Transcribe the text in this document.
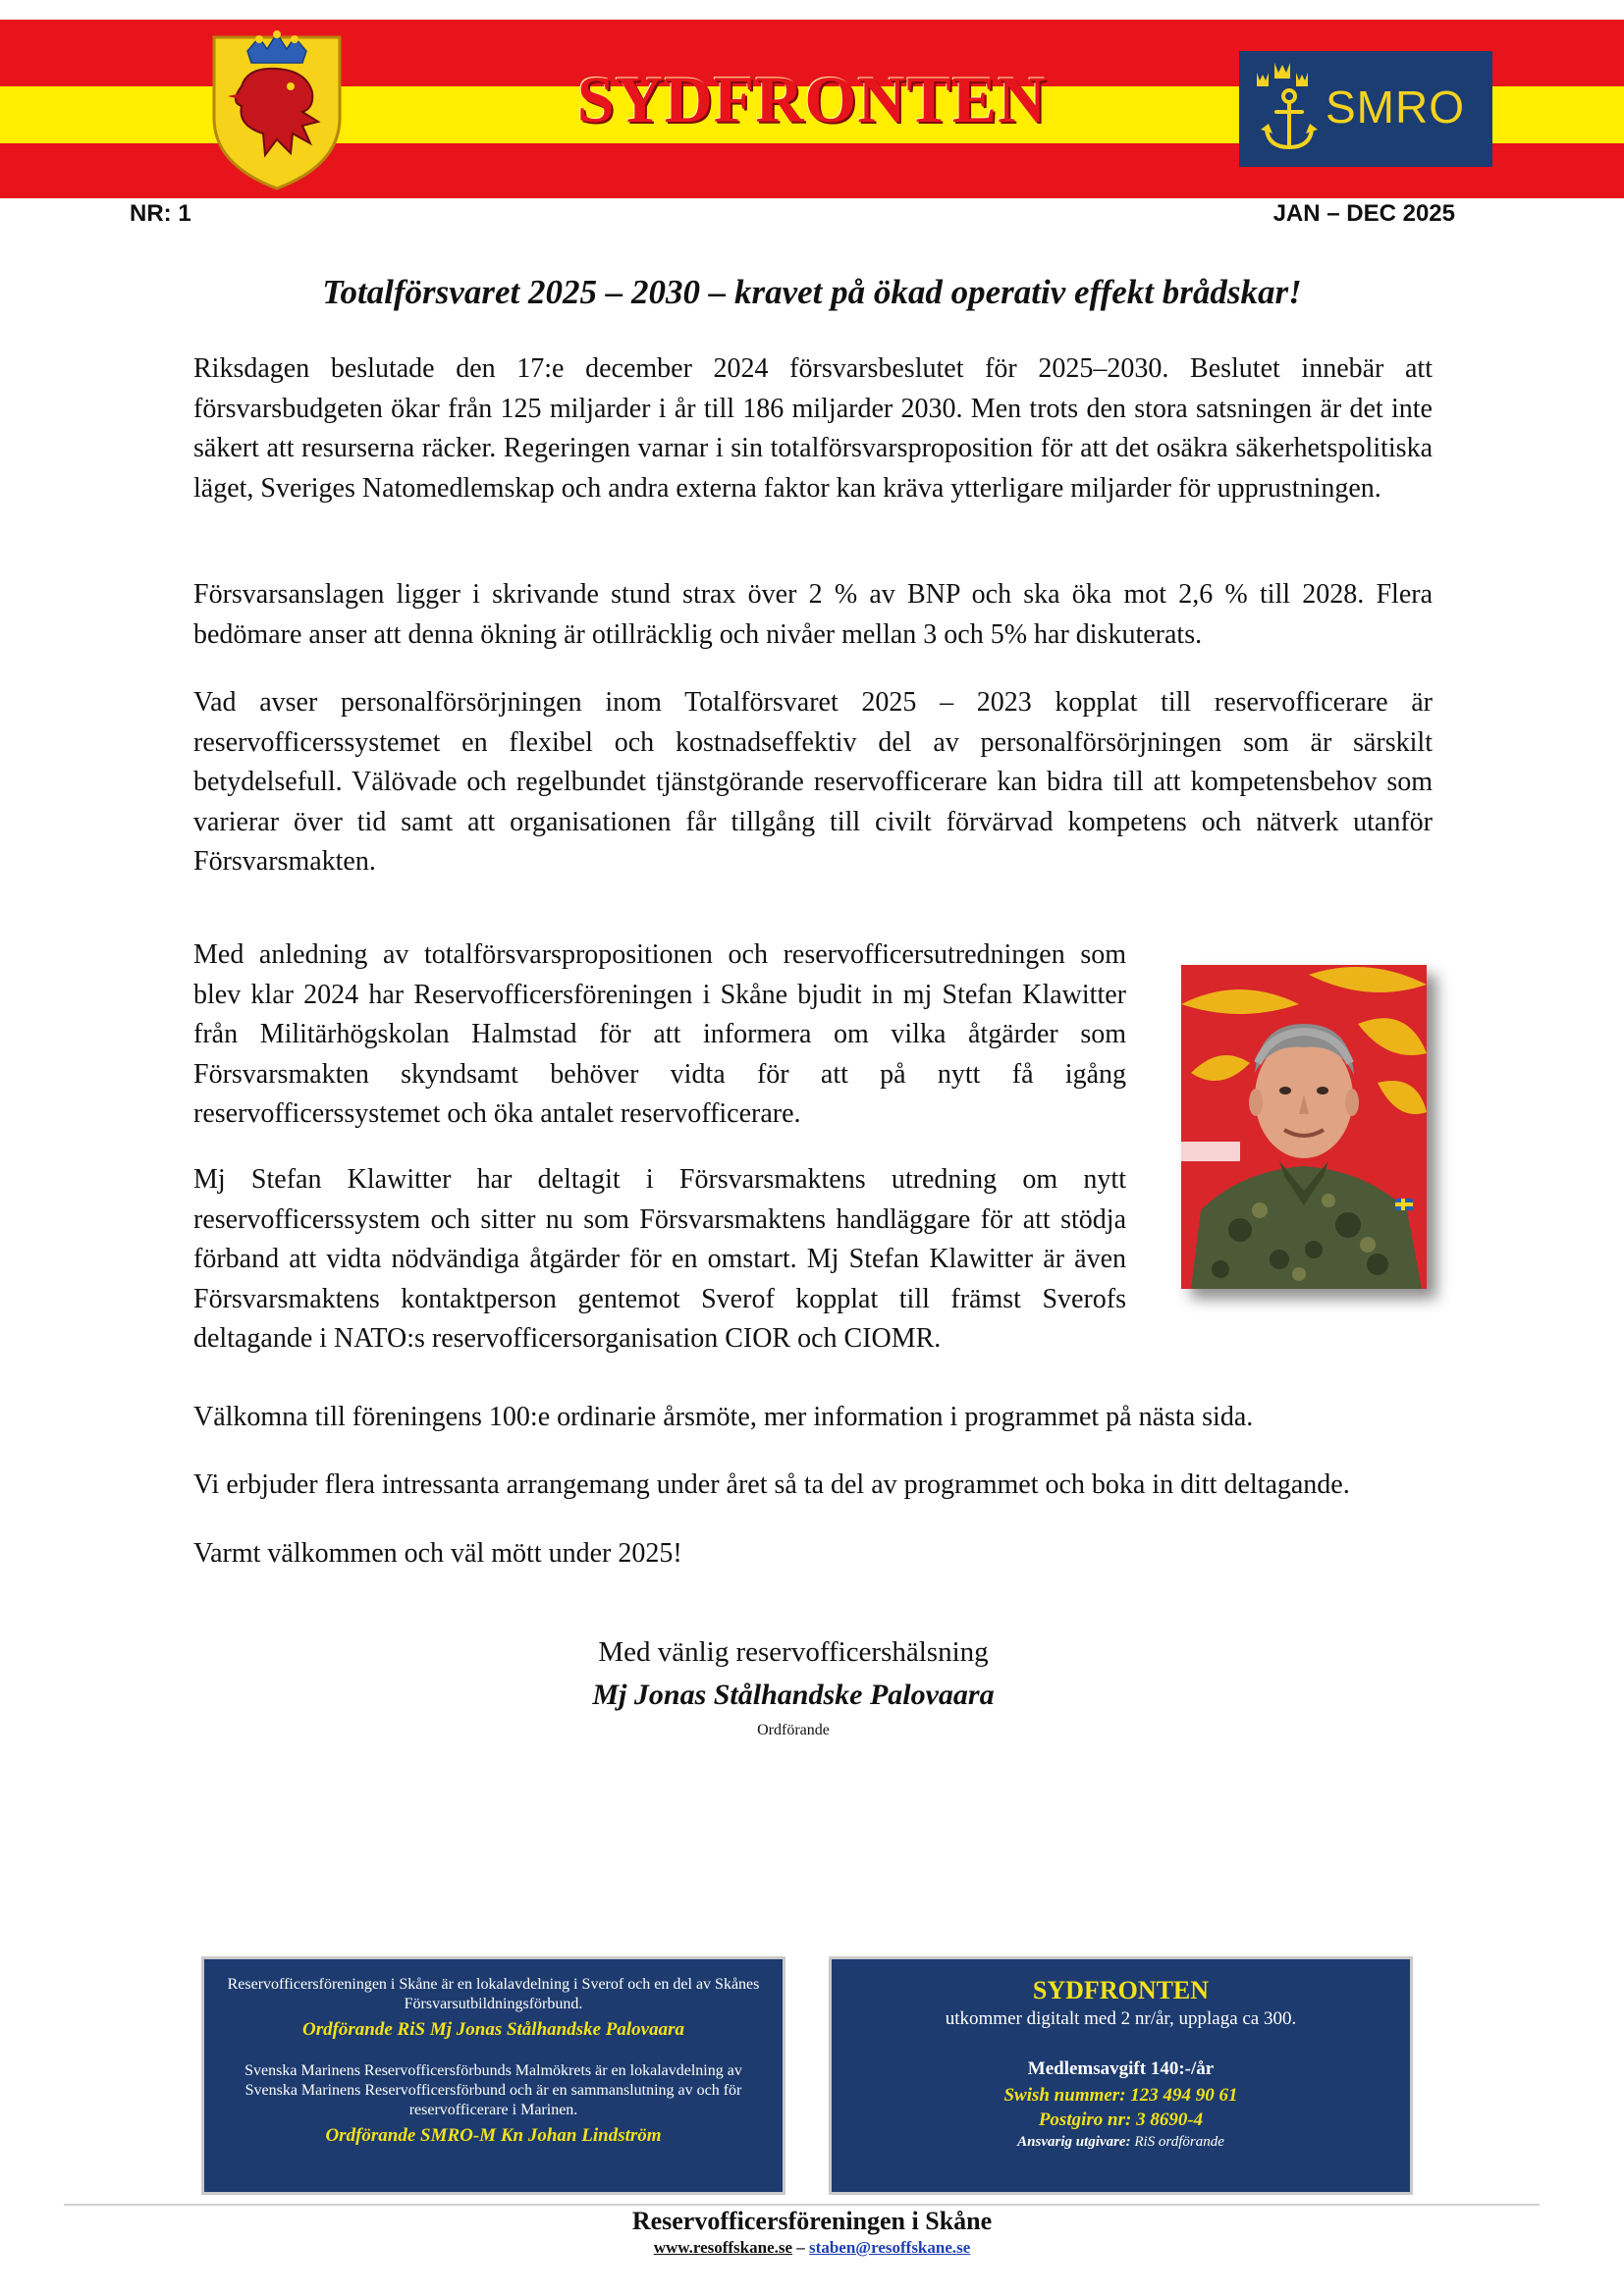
SYDFRONTEN	SMRO
NR: 1	JAN – DEC 2025
Totalförsvaret 2025 – 2030 – kravet på ökad operativ effekt brådskar!

Riksdagen beslutade den 17:e december 2024 försvarsbeslutet för 2025–2030. Beslutet innebär att försvarsbudgeten ökar från 125 miljarder i år till 186 miljarder 2030. Men trots den stora satsningen är det inte säkert att resurserna räcker. Regeringen varnar i sin totalförsvarsproposition för att det osäkra säkerhetspolitiska läget, Sveriges Natomedlemskap och andra externa faktor kan kräva ytterligare miljarder för upprustningen.

Försvarsanslagen ligger i skrivande stund strax över 2 % av BNP och ska öka mot 2,6 % till 2028. Flera bedömare anser att denna ökning är otillräcklig och nivåer mellan 3 och 5% har diskuterats.

Vad avser personalförsörjningen inom Totalförsvaret 2025 – 2023 kopplat till reservofficerare är reservofficerssystemet en flexibel och kostnadseffektiv del av personalförsörjningen som är särskilt betydelsefull. Välövade och regelbundet tjänstgörande reservofficerare kan bidra till att kompetensbehov som varierar över tid samt att organisationen får tillgång till civilt förvärvad kompetens och nätverk utanför Försvarsmakten.

Med anledning av totalförsvarspropositionen och reservofficersutredningen som blev klar 2024 har Reservofficersföreningen i Skåne bjudit in mj Stefan Klawitter från Militärhögskolan Halmstad för att informera om vilka åtgärder som Försvarsmakten skyndsamt behöver vidta för att på nytt få igång reservofficerssystemet och öka antalet reservofficerare.

Mj Stefan Klawitter har deltagit i Försvarsmaktens utredning om nytt reservofficerssystem och sitter nu som Försvarsmaktens handläggare för att stödja förband att vidta nödvändiga åtgärder för en omstart. Mj Stefan Klawitter är även Försvarsmaktens kontaktperson gentemot Sverof kopplat till främst Sverofs deltagande i NATO:s reservofficersorganisation CIOR och CIOMR.

Välkomna till föreningens 100:e ordinarie årsmöte, mer information i programmet på nästa sida.
Vi erbjuder flera intressanta arrangemang under året så ta del av programmet och boka in ditt deltagande.
Varmt välkommen och väl mött under 2025!
Med vänlig reservofficershälsning
Mj Jonas Stålhandske Palovaara
Ordförande
Reservofficersföreningen i Skåne är en lokalavdelning i Sverof och en del av Skånes Försvarsutbildningsförbund.
Ordförande RiS Mj Jonas Stålhandske Palovaara
Svenska Marinens Reservofficersförbunds Malmökrets är en lokalavdelning av Svenska Marinens Reservofficersförbund och är en sammanslutning av och för reservofficerare i Marinen.
Ordförande SMRO-M Kn Johan Lindström
SYDFRONTEN
utkommer digitalt med 2 nr/år, upplaga ca 300.
Medlemsavgift 140:-/år
Swish nummer: 123 494 90 61
Postgiro nr: 3 8690-4
Ansvarig utgivare: RiS ordförande
Reservofficersföreningen i Skåne
www.resoffskane.se – staben@resoffskane.se
